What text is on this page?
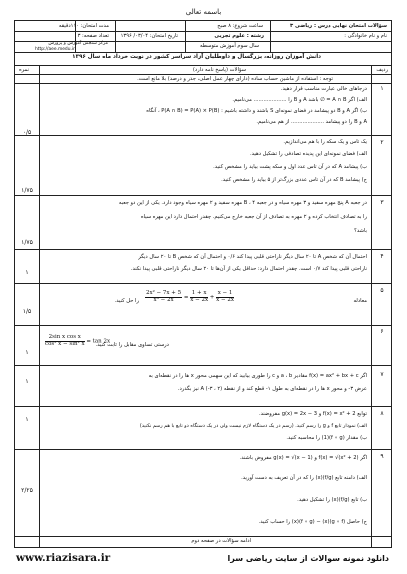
باسمه تعالی
سؤالات امتحان نهایی درس : ریاضی ۳
ساعت شروع: ۸ صبح
مدت امتحان: ۱۱۰دقیقه
نام و نام خانوادگی :
رشته : علوم تجربی
تاریخ امتحان: ۰۳/۰۴/ ۱۳۹۶
تعداد صفحه: ۳
سال سوم آموزش متوسطه
مرکز سنجش آموزش و پرورش
http://aee.medu.ir
دانش آموزان روزانه، بزرگسال و داوطلبان آزاد سراسر کشور در نوبت خرداد ماه سال ۱۳۹۶
ردیف
سؤالات (پاسخ نامه دارد)
نمره
توجه : استفاده از ماشین حساب ساده (دارای چهار عمل اصلی، جذر و درصد) بلا مانع است.
۱
درجاهای خالی عبارت مناسب قرار دهید.
الف) اگر A ∩ B = ∅ باشد A و B را .................... می‌نامیم.
ب) اگر A و B دو پیشامد در فضای نمونه‌ای S باشند و داشته باشیم : P(A ∩ B) = P(A) × P(B) ، آنگاه
A و B را دو پیشامد .................... از هم می‌نامیم.
۰/۵
۲
یک تاس و یک سکه را با هم می‌اندازیم.
الف) فضای نمونه‌ای این پدیده تصادفی را تشکیل دهید.
ب) پیشامد A که در آن تاس عدد اول و سکه پشت بیاید را مشخص کنید.
ج) پیشامد B که در آن تاس عددی بزرگ‌تر از ۵ بیاید را مشخص کنید.
۱/۷۵
۳
در جعبه A پنج مهره سفید و ۳ مهره سیاه و در جعبه B ، ۴ مهره سفید و ۲ مهره سیاه وجود دارد. یکی از این دو جعبه
را به تصادف انتخاب کرده و ۲ مهره به تصادف از آن جعبه خارج می‌کنیم. چقدر احتمال دارد این مهره سیاه
باشد؟
۱/۷۵
۴
احتمال آن که شخص A تا ۲۰ سال دیگر ناراحتی قلبی پیدا کند ۰/۶ و احتمال آن که شخص B تا ۲۰ سال دیگر
ناراحتی قلبی پیدا کند ۰/۷ است. چقدر احتمال دارد: حداقل یکی از آن‌ها تا ۲۰ سال دیگر ناراحتی قلبی پیدا نکند.
۱
۵
معادله
$\frac{\text{2x² − 7x + 5}}{\text{x³ − 2x}} = \frac{1 + x}{x - 2x} + \frac{x - 1}{x - 2x}$
را حل کنید.
۱/۵
۶
درستی تساوی مقابل را ثابت کنید.
$\frac{\text{2sin x cos x}}{\text{cos² x − sin² x}} = \tan 2x$
۱
۷
اگر f(x) = ax² + bx + c مقادیر a ، b و c را طوری بیابید که این سهمی محور x ها را در نقطه‌ای به
عرض ۳- و محور x ها را در نقطه‌ای به طول ۱- قطع کند و از نقطه (۲ ، ۳-) A نیز بگذرد.
۱
۸
توابع f(x) = x² + 2 و g(x) = 2x − 3 مفروضند.
الف) نمودار تابع f و g را رسم کنید. (رسم در یک دستگاه لازم نیست ولی در یک دستگاه دو تابع با هم رسم نکنید)
ب) مقدار (f ∘ g)(1) را محاسبه کنید.
۱
۹
اگر f(x) = √(x² + 2) و g(x) = √(x − 1) مفروض باشند.
الف) دامنه تابع (f/g)(x) را که در آن تعریف به دست آورید.
ب) تابع (f/g)(x) را تشکیل دهید.
ج) حاصل (g ∘ f)(x) − (f ∘ g)(x) را حساب کنید.
۲/۲۵
ادامه سؤالات در صفحه دوم
www.riazisara.ir	دانلود نمونه سوالات از سایت ریاضی سرا
